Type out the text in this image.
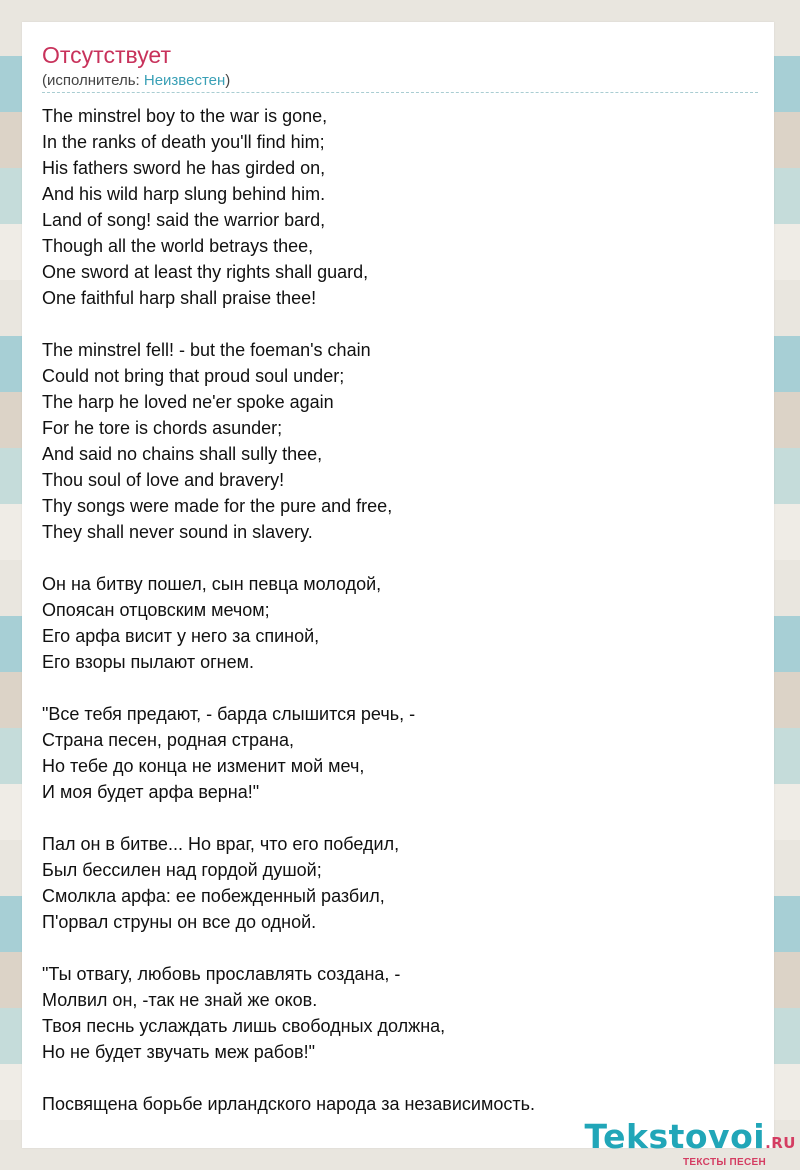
Отсутствует
(исполнитель: Неизвестен)
The minstrel boy to the war is gone,
In the ranks of death you'll find him;
His fathers sword he has girded on,
And his wild harp slung behind him.
Land of song! said the warrior bard,
Though all the world betrays thee,
One sword at least thy rights shall guard,
One faithful harp shall praise thee!
The minstrel fell! - but the foeman's chain
Could not bring that proud soul under;
The harp he loved ne'er spoke again
For he tore is chords asunder;
And said no chains shall sully thee,
Thou soul of love and bravery!
Thy songs were made for the pure and free,
They shall never sound in slavery.
Он на битву пошел, сын певца молодой,
Опоясан отцовским мечом;
Его арфа висит у него за спиной,
Его взоры пылают огнем.
"Все тебя предают, - барда слышится речь, -
Страна песен, родная страна,
Но тебе до конца не изменит мой меч,
И моя будет арфа верна!"
Пал он в битве... Но враг, что его победил,
Был бессилен над гордой душой;
Смолкла арфа: ее побежденный разбил,
П'орвал струны он все до одной.
"Ты отвагу, любовь прославлять создана, -
Молвил он, -так не знай же оков.
Твоя песнь услаждать лишь свободных должна,
Но не будет звучать меж рабов!"
Посвящена борьбе ирландского народа за независимость.
Tekstovoi.RU
ТЕКСТЫ ПЕСЕН
